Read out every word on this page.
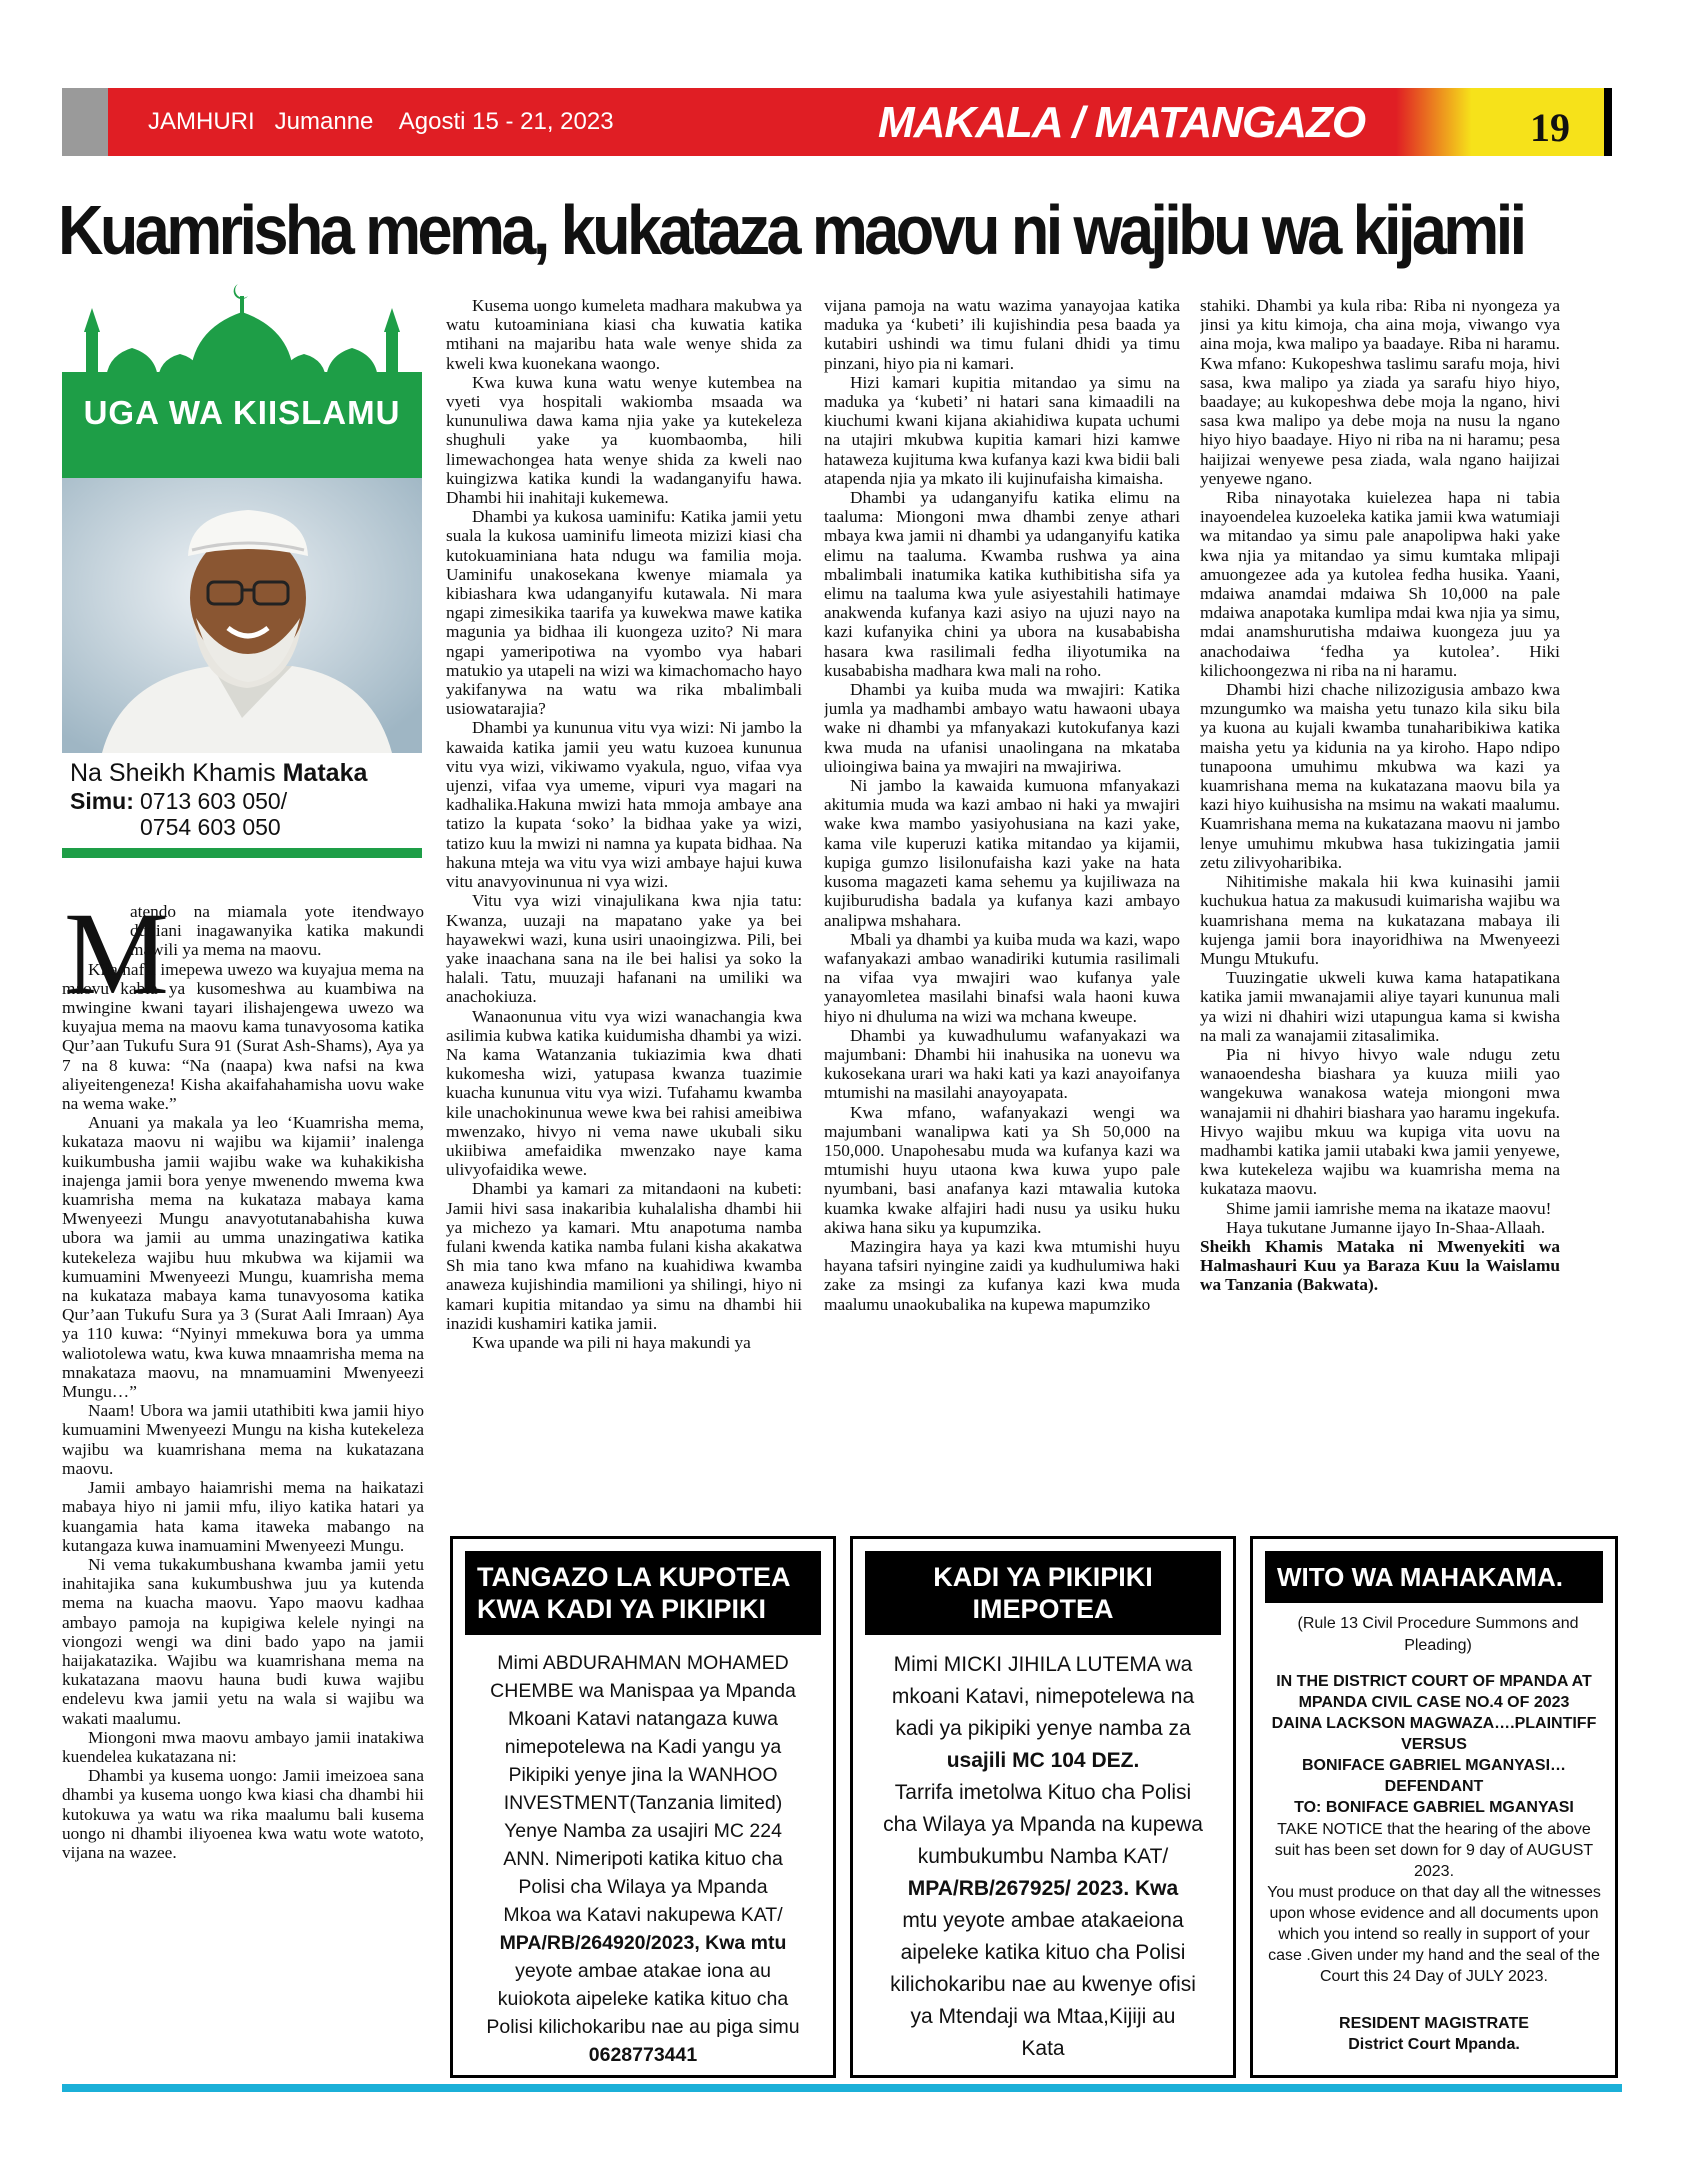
JAMHURI   Jumanne    Agosti 15 - 21, 2023	MAKALA / MATANGAZO	19
Kuamrisha mema, kukataza maovu ni wajibu wa kijamii
UGA WA KIISLAMU
Na Sheikh Khamis Mataka
Simu: 0713 603 050/
0754 603 050
M

atendo na miamala yote itendwayo duniani inagawanyika katika makundi mawili ya mema na maovu.

Kila nafsi imepewa uwezo wa kuyajua mema na maovu kabla ya kusomeshwa au kuambiwa na mwingine kwani tayari ilishajengewa uwezo wa kuyajua mema na maovu kama tunavyosoma katika Qur’aan Tukufu Sura 91 (Surat Ash-Shams), Aya ya 7 na 8 kuwa: “Na (naapa) kwa nafsi na kwa aliyeitengeneza! Kisha akaifahahamisha uovu wake na wema wake.”

Anuani ya makala ya leo ‘Kuamrisha mema, kukataza maovu ni wajibu wa kijamii’ inalenga kuikumbusha jamii wajibu wake wa kuhakikisha inajenga jamii bora yenye mwenendo mwema kwa kuamrisha mema na kukataza mabaya kama Mwenyeezi Mungu anavyotutanabahisha kuwa ubora wa jamii au umma unazingatiwa katika kutekeleza wajibu huu mkubwa wa kijamii wa kumuamini Mwenyeezi Mungu, kuamrisha mema na kukataza mabaya kama tunavyosoma katika Qur’aan Tukufu Sura ya 3 (Surat Aali Imraan) Aya ya 110 kuwa: “Nyinyi mmekuwa bora ya umma waliotolewa watu, kwa kuwa mnaamrisha mema na mnakataza maovu, na mnamuamini Mwenyeezi Mungu…”

Naam! Ubora wa jamii utathibiti kwa jamii hiyo kumuamini Mwenyeezi Mungu na kisha kutekeleza wajibu wa kuamrishana mema na kukatazana maovu.

Jamii ambayo haiamrishi mema na haikatazi mabaya hiyo ni jamii mfu, iliyo katika hatari ya kuangamia hata kama itaweka mabango na kutangaza kuwa inamuamini Mwenyeezi Mungu.

Ni vema tukakumbushana kwamba jamii yetu inahitajika sana kukumbushwa juu ya kutenda mema na kuacha maovu. Yapo maovu kadhaa ambayo pamoja na kupigiwa kelele nyingi na viongozi wengi wa dini bado yapo na jamii haijakatazika. Wajibu wa kuamrishana mema na kukatazana maovu hauna budi kuwa wajibu endelevu kwa jamii yetu na wala si wajibu wa wakati maalumu.

Miongoni mwa maovu ambayo jamii inatakiwa kuendelea kukatazana ni:

Dhambi ya kusema uongo: Jamii imeizoea sana dhambi ya kusema uongo kwa kiasi cha dhambi hii kutokuwa ya watu wa rika maalumu bali kusema uongo ni dhambi iliyoenea kwa watu wote watoto, vijana na wazee.

Kusema uongo kumeleta madhara makubwa ya watu kutoaminiana kiasi cha kuwatia katika mtihani na majaribu hata wale wenye shida za kweli kwa kuonekana waongo.

Kwa kuwa kuna watu wenye kutembea na vyeti vya hospitali wakiomba msaada wa kununuliwa dawa kama njia yake ya kutekeleza shughuli yake ya kuombaomba, hili limewachongea hata wenye shida za kweli nao kuingizwa katika kundi la wadanganyifu hawa. Dhambi hii inahitaji kukemewa.

Dhambi ya kukosa uaminifu: Katika jamii yetu suala la kukosa uaminifu limeota mizizi kiasi cha kutokuaminiana hata ndugu wa familia moja. Uaminifu unakosekana kwenye miamala ya kibiashara kwa udanganyifu kutawala. Ni mara ngapi zimesikika taarifa ya kuwekwa mawe katika magunia ya bidhaa ili kuongeza uzito? Ni mara ngapi yameripotiwa na vyombo vya habari matukio ya utapeli na wizi wa kimachomacho hayo yakifanywa na watu wa rika mbalimbali usiowatarajia?

Dhambi ya kununua vitu vya wizi: Ni jambo la kawaida katika jamii yeu watu kuzoea kununua vitu vya wizi, vikiwamo vyakula, nguo, vifaa vya ujenzi, vifaa vya umeme, vipuri vya magari na kadhalika.Hakuna mwizi hata mmoja ambaye ana tatizo la kupata ‘soko’ la bidhaa yake ya wizi, tatizo kuu la mwizi ni namna ya kupata bidhaa. Na hakuna mteja wa vitu vya wizi ambaye hajui kuwa vitu anavyovinunua ni vya wizi.

Vitu vya wizi vinajulikana kwa njia tatu: Kwanza, uuzaji na mapatano yake ya bei hayawekwi wazi, kuna usiri unaoingizwa. Pili, bei yake inaachana sana na ile bei halisi ya soko la halali. Tatu, muuzaji hafanani na umiliki wa anachokiuza.

Wanaonunua vitu vya wizi wanachangia kwa asilimia kubwa katika kuidumisha dhambi ya wizi. Na kama Watanzania tukiazimia kwa dhati kukomesha wizi, yatupasa kwanza tuazimie kuacha kununua vitu vya wizi. Tufahamu kwamba kile unachokinunua wewe kwa bei rahisi ameibiwa mwenzako, hivyo ni vema nawe ukubali siku ukiibiwa amefaidika mwenzako naye kama ulivyofaidika wewe.

Dhambi ya kamari za mitandaoni na kubeti: Jamii hivi sasa inakaribia kuhalalisha dhambi hii ya michezo ya kamari. Mtu anapotuma namba fulani kwenda katika namba fulani kisha akakatwa Sh mia tano kwa mfano na kuahidiwa kwamba anaweza kujishindia mamilioni ya shilingi, hiyo ni kamari kupitia mitandao ya simu na dhambi hii inazidi kushamiri katika jamii.

Kwa upande wa pili ni haya makundi ya

vijana pamoja na watu wazima yanayojaa katika maduka ya ‘kubeti’ ili kujishindia pesa baada ya kutabiri ushindi wa timu fulani dhidi ya timu pinzani, hiyo pia ni kamari.

Hizi kamari kupitia mitandao ya simu na maduka ya ‘kubeti’ ni hatari sana kimaadili na kiuchumi kwani kijana akiahidiwa kupata uchumi na utajiri mkubwa kupitia kamari hizi kamwe hataweza kujituma kwa kufanya kazi kwa bidii bali atapenda njia ya mkato ili kujinufaisha kimaisha.

Dhambi ya udanganyifu katika elimu na taaluma: Miongoni mwa dhambi zenye athari mbaya kwa jamii ni dhambi ya udanganyifu katika elimu na taaluma. Kwamba rushwa ya aina mbalimbali inatumika katika kuthibitisha sifa ya elimu na taaluma kwa yule asiyestahili hatimaye anakwenda kufanya kazi asiyo na ujuzi nayo na kazi kufanyika chini ya ubora na kusababisha hasara kwa rasilimali fedha iliyotumika na kusababisha madhara kwa mali na roho.

Dhambi ya kuiba muda wa mwajiri: Katika jumla ya madhambi ambayo watu hawaoni ubaya wake ni dhambi ya mfanyakazi kutokufanya kazi kwa muda na ufanisi unaolingana na mkataba ulioingiwa baina ya mwajiri na mwajiriwa.

Ni jambo la kawaida kumuona mfanyakazi akitumia muda wa kazi ambao ni haki ya mwajiri wake kwa mambo yasiyohusiana na kazi yake, kama vile kuperuzi katika mitandao ya kijamii, kupiga gumzo lisilonufaisha kazi yake na hata kusoma magazeti kama sehemu ya kujiliwaza na kujiburudisha badala ya kufanya kazi ambayo analipwa mshahara.

Mbali ya dhambi ya kuiba muda wa kazi, wapo wafanyakazi ambao wanadiriki kutumia rasilimali na vifaa vya mwajiri wao kufanya yale yanayomletea masilahi binafsi wala haoni kuwa hiyo ni dhuluma na wizi wa mchana kweupe.

Dhambi ya kuwadhulumu wafanyakazi wa majumbani: Dhambi hii inahusika na uonevu wa kukosekana urari wa haki kati ya kazi anayoifanya mtumishi na masilahi anayoyapata.

Kwa mfano, wafanyakazi wengi wa majumbani wanalipwa kati ya Sh 50,000 na 150,000. Unapohesabu muda wa kufanya kazi wa mtumishi huyu utaona kwa kuwa yupo pale nyumbani, basi anafanya kazi mtawalia kutoka kuamka kwake alfajiri hadi nusu ya usiku huku akiwa hana siku ya kupumzika.

Mazingira haya ya kazi kwa mtumishi huyu hayana tafsiri nyingine zaidi ya kudhulumiwa haki zake za msingi za kufanya kazi kwa muda maalumu unaokubalika na kupewa mapumziko

stahiki. Dhambi ya kula riba: Riba ni nyongeza ya jinsi ya kitu kimoja, cha aina moja, viwango vya aina moja, kwa malipo ya baadaye. Riba ni haramu. Kwa mfano: Kukopeshwa taslimu sarafu moja, hivi sasa, kwa malipo ya ziada ya sarafu hiyo hiyo, baadaye; au kukopeshwa debe moja la ngano, hivi sasa kwa malipo ya debe moja na nusu la ngano hiyo hiyo baadaye. Hiyo ni riba na ni haramu; pesa haijizai wenyewe pesa ziada, wala ngano haijizai yenyewe ngano.

Riba ninayotaka kuielezea hapa ni tabia inayoendelea kuzoeleka katika jamii kwa watumiaji wa mitandao ya simu pale anapolipwa haki yake kwa njia ya mitandao ya simu kumtaka mlipaji amuongezee ada ya kutolea fedha husika. Yaani, mdaiwa anamdai mdaiwa Sh 10,000 na pale mdaiwa anapotaka kumlipa mdai kwa njia ya simu, mdai anamshurutisha mdaiwa kuongeza juu ya anachodaiwa ‘fedha ya kutolea’. Hiki kilichoongezwa ni riba na ni haramu.

Dhambi hizi chache nilizozigusia ambazo kwa mzungumko wa maisha yetu tunazo kila siku bila ya kuona au kujali kwamba tunaharibikiwa katika maisha yetu ya kidunia na ya kiroho. Hapo ndipo tunapoona umuhimu mkubwa wa kazi ya kuamrishana mema na kukatazana maovu bila ya kazi hiyo kuihusisha na msimu na wakati maalumu. Kuamrishana mema na kukatazana maovu ni jambo lenye umuhimu mkubwa hasa tukizingatia jamii zetu zilivyoharibika.

Nihitimishe makala hii kwa kuinasihi jamii kuchukua hatua za makusudi kuimarisha wajibu wa kuamrishana mema na kukatazana mabaya ili kujenga jamii bora inayoridhiwa na Mwenyeezi Mungu Mtukufu.

Tuuzingatie ukweli kuwa kama hatapatikana katika jamii mwanajamii aliye tayari kununua mali ya wizi ni dhahiri wizi utapungua kama si kwisha na mali za wanajamii zitasalimika.

Pia ni hivyo hivyo wale ndugu zetu wanaoendesha biashara ya kuuza miili yao wangekuwa wanakosa wateja miongoni mwa wanajamii ni dhahiri biashara yao haramu ingekufa. Hivyo wajibu mkuu wa kupiga vita uovu na madhambi katika jamii utabaki kwa jamii yenyewe, kwa kutekeleza wajibu wa kuamrisha mema na kukataza maovu.

Shime jamii iamrishe mema na ikataze maovu!

Haya tukutane Jumanne ijayo In-Shaa-Allaah.

Sheikh Khamis Mataka ni Mwenyekiti wa Halmashauri Kuu ya Baraza Kuu la Waislamu wa Tanzania (Bakwata).

TANGAZO LA KUPOTEA KWA KADI YA PIKIPIKI
Mimi ABDURAHMAN MOHAMED
CHEMBE wa Manispaa ya Mpanda
Mkoani Katavi natangaza kuwa
nimepotelewa na Kadi yangu ya
Pikipiki yenye jina la WANHOO
INVESTMENT(Tanzania limited)
Yenye Namba za usajiri MC 224
ANN. Nimeripoti katika kituo cha
Polisi cha Wilaya ya Mpanda
Mkoa wa Katavi nakupewa KAT/
MPA/RB/264920/2023, Kwa mtu
yeyote ambae atakae iona au
kuiokota aipeleke katika kituo cha
Polisi kilichokaribu nae au piga simu
0628773441
KADI YA PIKIPIKI IMEPOTEA
Mimi MICKI JIHILA LUTEMA wa
mkoani Katavi, nimepotelewa na
kadi ya pikipiki yenye namba za
usajili MC 104 DEZ.
Tarrifa imetolwa Kituo cha Polisi
cha Wilaya ya Mpanda na kupewa
kumbukumbu Namba KAT/
MPA/RB/267925/ 2023. Kwa
mtu yeyote ambae atakaeiona
aipeleke katika kituo cha Polisi
kilichokaribu nae au kwenye ofisi
ya Mtendaji wa Mtaa,Kijiji au
Kata
WITO WA MAHAKAMA.
(Rule 13 Civil Procedure Summons and Pleading)
IN THE DISTRICT COURT OF MPANDA AT
MPANDA CIVIL CASE NO.4 OF 2023
DAINA LACKSON MAGWAZA….PLAINTIFF
VERSUS
BONIFACE GABRIEL MGANYASI…
DEFENDANT
TO: BONIFACE GABRIEL MGANYASI
TAKE NOTICE that the hearing of the above
suit has been set down for 9 day of AUGUST
2023.
You must produce on that day all the witnesses
upon whose evidence and all documents upon
which you intend so really in support of your
case .Given under my hand and the seal of the
Court this 24 Day of JULY 2023.
RESIDENT MAGISTRATE
District Court Mpanda.
